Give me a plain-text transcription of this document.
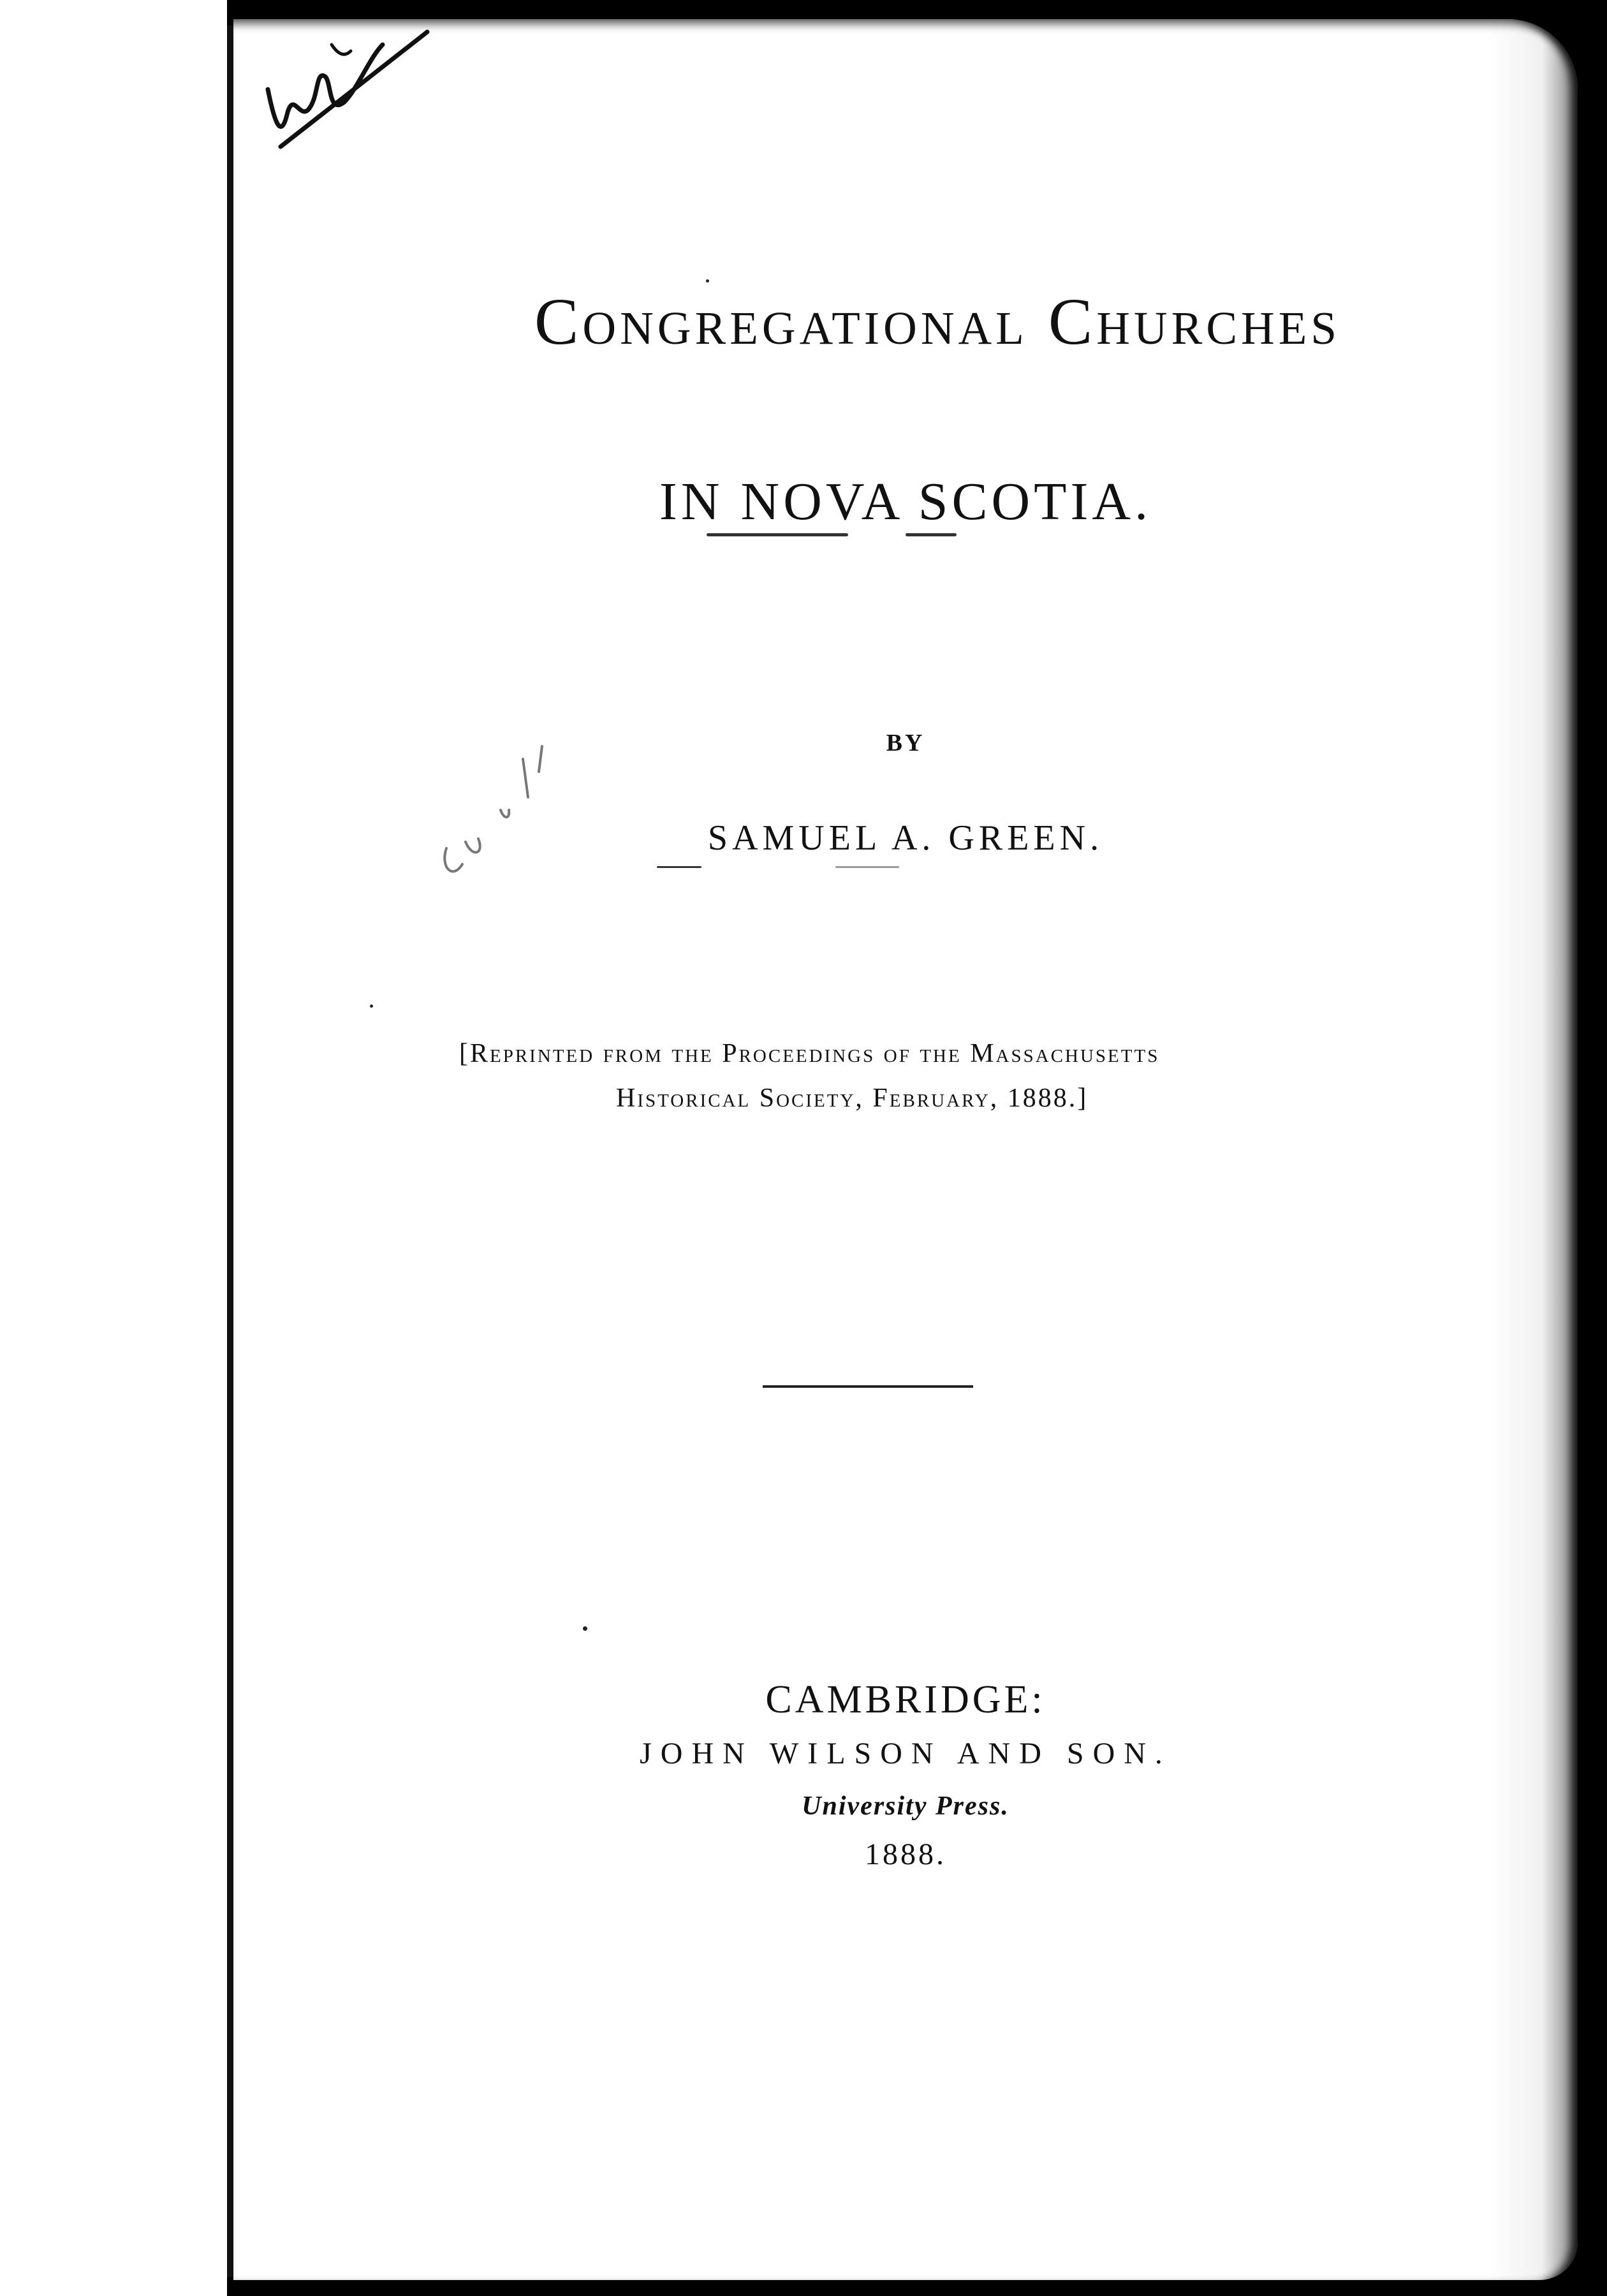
Congregational Churches
IN NOVA SCOTIA.
BY
SAMUEL A. GREEN.
[Reprinted from the Proceedings of the Massachusetts
Historical Society, February, 1888.]
CAMBRIDGE:
JOHN WILSON AND SON.
University Press.
1888.
